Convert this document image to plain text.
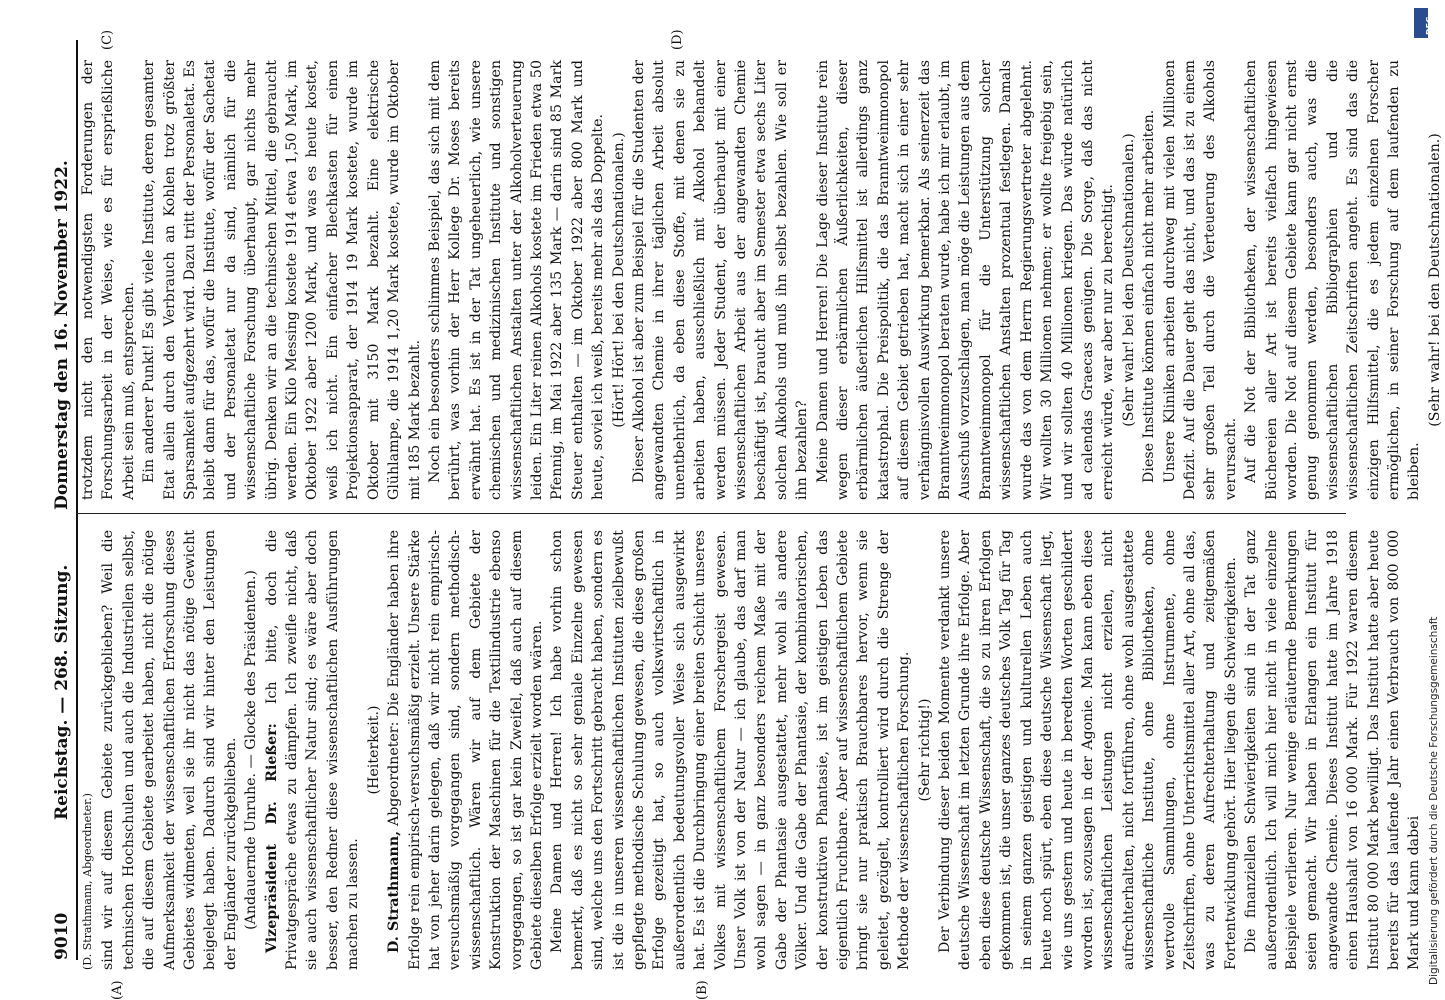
9010
Reichstag. — 268. Sitzung.
Donnerstag den 16. November 1922.
(A)	(B)
(C)	(D)

(D. Strathmann, Abgeordneter.) sind wir auf diesem Gebiete zurückgeblieben? Weil die technischen Hochschulen und auch die Industriellen selbst, die auf diesem Gebiete gearbeitet haben, nicht die nötige Aufmerksamkeit der wissenschaftlichen Erforschung dieses Gebietes widmeten, weil sie ihr nicht das nötige Gewicht beigelegt haben. Dadurch sind wir hinter den Leistungen der Engländer zurückgeblieben. (Andauernde Unruhe. — Glocke des Präsidenten.) Vizepräsident Dr. Rießer: Ich bitte, doch die Privatgespräche etwas zu dämpfen. Ich zweifle nicht, daß sie auch wissenschaftlicher Natur sind; es wäre aber doch besser, den Redner diese wissenschaftlichen Ausführungen machen zu lassen.

(Heiterkeit.)

D. Strathmann, Abgeordneter: Die Engländer haben ihre Erfolge rein empirisch-versuchsmäßig erzielt. Unsere Stärke hat von jeher darin gelegen, daß wir nicht rein empirisch-versuchsmäßig vorgegangen sind, sondern methodisch-wissenschaftlich. Wären wir auf dem Gebiete der Konstruktion der Maschinen für die Textilindustrie ebenso vorgegangen, so ist gar kein Zweifel, daß auch auf diesem Gebiete dieselben Erfolge erzielt worden wären. Meine Damen und Herren! Ich habe vorhin schon bemerkt, daß es nicht so sehr geniale Einzelne gewesen sind, welche uns den Fortschritt gebracht haben, sondern es ist die in unseren wissenschaftlichen Instituten zielbewußt gepflegte methodische Schulung gewesen, die diese großen Erfolge gezeitigt hat, so auch volkswirtschaftlich in außerordentlich bedeutungsvoller Weise sich ausgewirkt hat. Es ist die Durchbringung einer breiten Schicht unseres Volkes mit wissenschaftlichem Forschergeist gewesen. Unser Volk ist von der Natur — ich glaube, das darf man wohl sagen — in ganz besonders reichem Maße mit der Gabe der Phantasie ausgestattet, mehr wohl als andere Völker. Und die Gabe der Phantasie, der kombinatorischen, der konstruktiven Phantasie, ist im geistigen Leben das eigentlich Fruchtbare. Aber auf wissenschaftlichem Gebiete bringt sie nur praktisch Brauchbares hervor, wenn sie geleitet, gezügelt, kontrolliert wird durch die Strenge der Methode der wissenschaftlichen Forschung. (Sehr richtig!) Der Verbindung dieser beiden Momente verdankt unsere deutsche Wissenschaft im letzten Grunde ihre Erfolge. Aber eben diese deutsche Wissenschaft, die so zu ihren Erfolgen gekommen ist, die unser ganzes deutsches Volk Tag für Tag in seinem ganzen geistigen und kulturellen Leben auch heute noch spürt, eben diese deutsche Wissenschaft liegt, wie uns gestern und heute in beredten Worten geschildert worden ist, sozusagen in der Agonie. Man kann eben diese wissenschaftlichen Leistungen nicht erzielen, nicht aufrechterhalten, nicht fortführen, ohne wohl ausgestattete wissenschaftliche Institute, ohne Bibliotheken, ohne wertvolle Sammlungen, ohne Instrumente, ohne Zeitschriften, ohne Unterrichtsmittel aller Art, ohne all das, was zu deren Aufrechterhaltung und zeitgemäßen Fortentwicklung gehört. Hier liegen die Schwierigkeiten. Die finanziellen Schwierigkeiten sind in der Tat ganz außerordentlich. Ich will mich hier nicht in viele einzelne Beispiele verlieren. Nur wenige erläuternde Bemerkungen seien gemacht. Wir haben in Erlangen ein Institut für angewandte Chemie. Dieses Institut hatte im Jahre 1918 einen Haushalt von 16 000 Mark. Für 1922 waren diesem Institut 80 000 Mark bewilligt. Das Institut hatte aber heute bereits für das laufende Jahr einen Verbrauch von 800 000 Mark und kann dabei

trotzdem nicht den notwendigsten Forderungen der Forschungsarbeit in der Weise, wie es für ersprießliche Arbeit sein muß, entsprechen. Ein anderer Punkt! Es gibt viele Institute, deren gesamter Etat allein durch den Verbrauch an Kohlen trotz größter Sparsamkeit aufgezehrt wird. Dazu tritt der Personaletat. Es bleibt dann für das, wofür die Institute, wofür der Sachetat und der Personaletat nur da sind, nämlich für die wissenschaftliche Forschung überhaupt, gar nichts mehr übrig. Denken wir an die technischen Mittel, die gebraucht werden. Ein Kilo Messing kostete 1914 etwa 1,50 Mark, im Oktober 1922 aber 1200 Mark, und was es heute kostet, weiß ich nicht. Ein einfacher Blechkasten für einen Projektionsapparat, der 1914 19 Mark kostete, wurde im Oktober mit 3150 Mark bezahlt. Eine elektrische Glühlampe, die 1914 1,20 Mark kostete, wurde im Oktober mit 185 Mark bezahlt. Noch ein besonders schlimmes Beispiel, das sich mit dem berührt, was vorhin der Herr Kollege Dr. Moses bereits erwähnt hat. Es ist in der Tat ungeheuerlich, wie unsere chemischen und medizinischen Institute und sonstigen wissenschaftlichen Anstalten unter der Alkoholverteuerung leiden. Ein Liter reinen Alkohols kostete im Frieden etwa 50 Pfennig, im Mai 1922 aber 135 Mark — darin sind 85 Mark Steuer enthalten — im Oktober 1922 aber 800 Mark und heute, soviel ich weiß, bereits mehr als das Doppelte. (Hört! Hört! bei den Deutschnationalen.) Dieser Alkohol ist aber zum Beispiel für die Studenten der angewandten Chemie in ihrer täglichen Arbeit absolut unentbehrlich, da eben diese Stoffe, mit denen sie zu arbeiten haben, ausschließlich mit Alkohol behandelt werden müssen. Jeder Student, der überhaupt mit einer wissenschaftlichen Arbeit aus der angewandten Chemie beschäftigt ist, braucht aber im Semester etwa sechs Liter solchen Alkohols und muß ihn selbst bezahlen. Wie soll er ihn bezahlen? Meine Damen und Herren! Die Lage dieser Institute rein wegen dieser erbärmlichen Äußerlichkeiten, dieser erbärmlichen äußerlichen Hilfsmittel ist allerdings ganz katastrophal. Die Preispolitik, die das Branntweinmonopol auf diesem Gebiet getrieben hat, macht sich in einer sehr verhängnisvollen Auswirkung bemerkbar. Als seinerzeit das Branntweinmonopol beraten wurde, habe ich mir erlaubt, im Ausschuß vorzuschlagen, man möge die Leistungen aus dem Branntweinmonopol für die Unterstützung solcher wissenschaftlichen Anstalten prozentual festlegen. Damals wurde das von dem Herrn Regierungsvertreter abgelehnt. Wir wollten 30 Millionen nehmen; er wollte freigebig sein, und wir sollten 40 Millionen kriegen. Das würde natürlich ad calendas Graecas genügen. Die Sorge, daß das nicht erreicht würde, war aber nur zu berechtigt. (Sehr wahr! bei den Deutschnationalen.) Diese Institute können einfach nicht mehr arbeiten. Unsere Kliniken arbeiten durchweg mit vielen Millionen Defizit. Auf die Dauer geht das nicht, und das ist zu einem sehr großen Teil durch die Verteuerung des Alkohols verursacht. Auf die Not der Bibliotheken, der wissenschaftlichen Büchereien aller Art ist bereits vielfach hingewiesen worden. Die Not auf diesem Gebiete kann gar nicht ernst genug genommen werden, besonders auch, was die wissenschaftlichen Bibliographien und die wissenschaftlichen Zeitschriften angeht. Es sind das die einzigen Hilfsmittel, die es jedem einzelnen Forscher ermöglichen, in seiner Forschung auf dem laufenden zu bleiben.

(Sehr wahr! bei den Deutschnationalen.)

DFG
Digitalisierung gefördert durch die Deutsche Forschungsgemeinschaft
